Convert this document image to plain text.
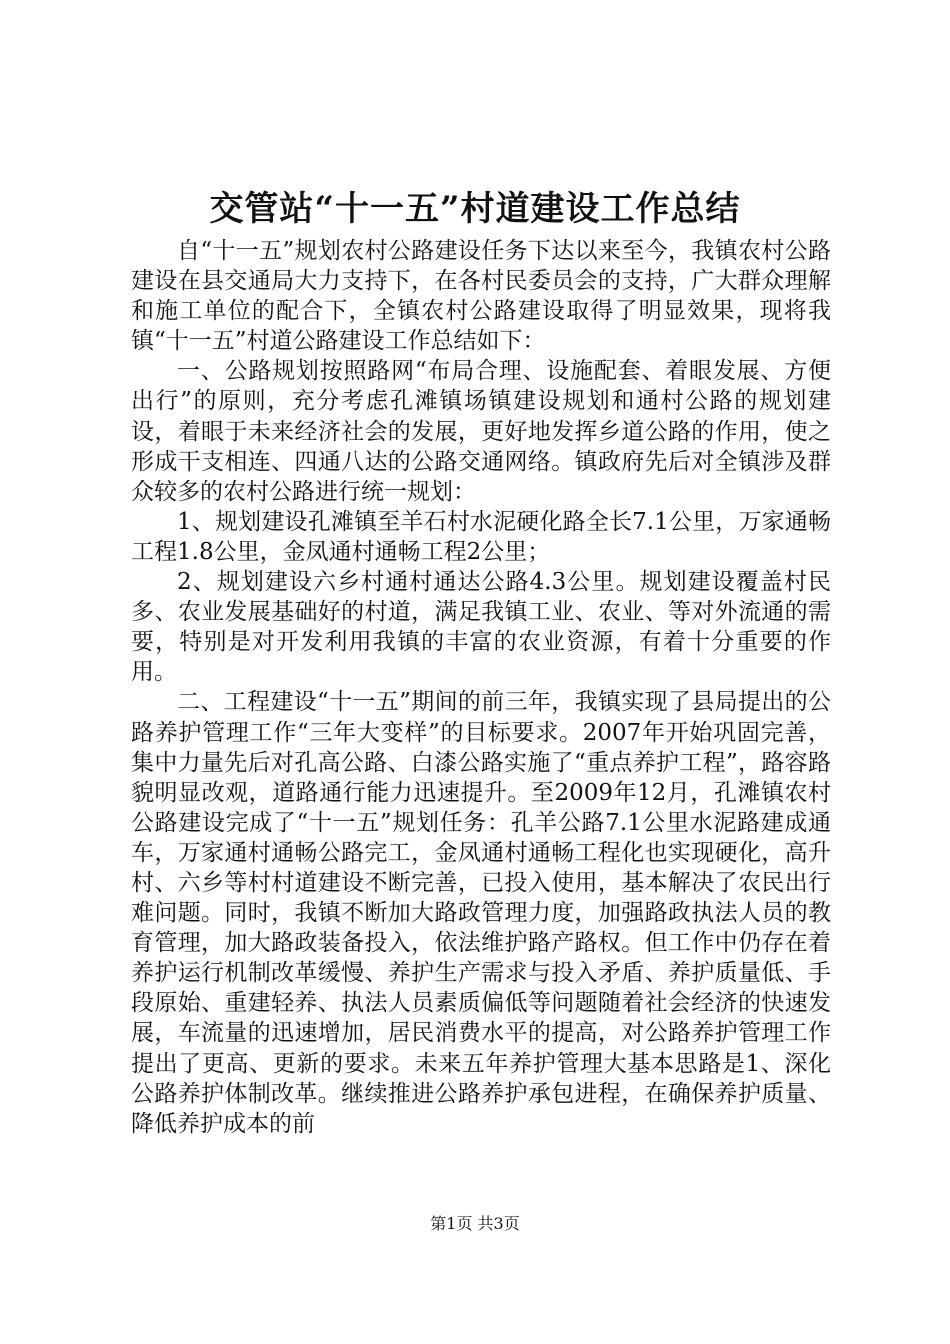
交管站“十一五”村道建设工作总结

自“十一五”规划农村公路建设任务下达以来至今，我镇农村公路建设在县交通局大力支持下，在各村民委员会的支持，广大群众理解和施工单位的配合下，全镇农村公路建设取得了明显效果，现将我镇“十一五”村道公路建设工作总结如下：

一、公路规划按照路网“布局合理、设施配套、着眼发展、方便出行”的原则，充分考虑孔滩镇场镇建设规划和通村公路的规划建设，着眼于未来经济社会的发展，更好地发挥乡道公路的作用，使之形成干支相连、四通八达的公路交通网络。镇政府先后对全镇涉及群众较多的农村公路进行统一规划：

1、规划建设孔滩镇至羊石村水泥硬化路全长7.1公里，万家通畅工程1.8公里，金凤通村通畅工程2公里；

2、规划建设六乡村通村通达公路4.3公里。规划建设覆盖村民多、农业发展基础好的村道，满足我镇工业、农业、等对外流通的需要，特别是对开发利用我镇的丰富的农业资源，有着十分重要的作用。

二、工程建设“十一五”期间的前三年，我镇实现了县局提出的公路养护管理工作“三年大变样”的目标要求。2007年开始巩固完善，集中力量先后对孔高公路、白漆公路实施了“重点养护工程”，路容路貌明显改观，道路通行能力迅速提升。至2009年12月，孔滩镇农村公路建设完成了“十一五”规划任务：孔羊公路7.1公里水泥路建成通车，万家通村通畅公路完工，金凤通村通畅工程化也实现硬化，高升村、六乡等村村道建设不断完善，已投入使用，基本解决了农民出行难问题。同时，我镇不断加大路政管理力度，加强路政执法人员的教育管理，加大路政装备投入，依法维护路产路权。但工作中仍存在着养护运行机制改革缓慢、养护生产需求与投入矛盾、养护质量低、手段原始、重建轻养、执法人员素质偏低等问题随着社会经济的快速发展，车流量的迅速增加，居民消费水平的提高，对公路养护管理工作提出了更高、更新的要求。未来五年养护管理大基本思路是1、深化公路养护体制改革。继续推进公路养护承包进程，在确保养护质量、降低养护成本的前

第1页 共3页
